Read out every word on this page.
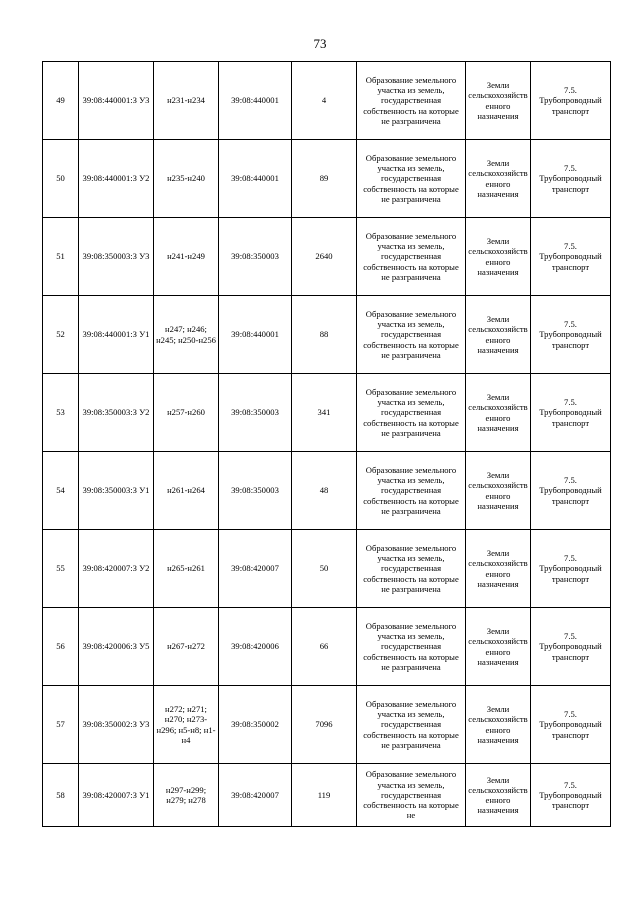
73
49	39:08:440001:З У3	н231-н234	39:08:440001	4	Образование земельного участка из земель, государственная собственность на которые не разграничена	Земли сельскохозяйственного назначения	7.5. Трубопроводный транспорт
50	39:08:440001:З У2	н235-н240	39:08:440001	89	Образование земельного участка из земель, государственная собственность на которые не разграничена	Земли сельскохозяйственного назначения	7.5. Трубопроводный транспорт
51	39:08:350003:З У3	н241-н249	39:08:350003	2640	Образование земельного участка из земель, государственная собственность на которые не разграничена	Земли сельскохозяйственного назначения	7.5. Трубопроводный транспорт
52	39:08:440001:З У1	н247; н246; н245; н250-н256	39:08:440001	88	Образование земельного участка из земель, государственная собственность на которые не разграничена	Земли сельскохозяйственного назначения	7.5. Трубопроводный транспорт
53	39:08:350003:З У2	н257-н260	39:08:350003	341	Образование земельного участка из земель, государственная собственность на которые не разграничена	Земли сельскохозяйственного назначения	7.5. Трубопроводный транспорт
54	39:08:350003:З У1	н261-н264	39:08:350003	48	Образование земельного участка из земель, государственная собственность на которые не разграничена	Земли сельскохозяйственного назначения	7.5. Трубопроводный транспорт
55	39:08:420007:З У2	н265-н261	39:08:420007	50	Образование земельного участка из земель, государственная собственность на которые не разграничена	Земли сельскохозяйственного назначения	7.5. Трубопроводный транспорт
56	39:08:420006:З У5	н267-н272	39:08:420006	66	Образование земельного участка из земель, государственная собственность на которые не разграничена	Земли сельскохозяйственного назначения	7.5. Трубопроводный транспорт
57	39:08:350002:З У3	н272; н271; н270; н273-н296; н5-н8; н1-н4	39:08:350002	7096	Образование земельного участка из земель, государственная собственность на которые не разграничена	Земли сельскохозяйственного назначения	7.5. Трубопроводный транспорт
58	39:08:420007:З У1	н297-н299; н279; н278	39:08:420007	119	Образование земельного участка из земель, государственная собственность на которые не	Земли сельскохозяйственного назначения	7.5. Трубопроводный транспорт
